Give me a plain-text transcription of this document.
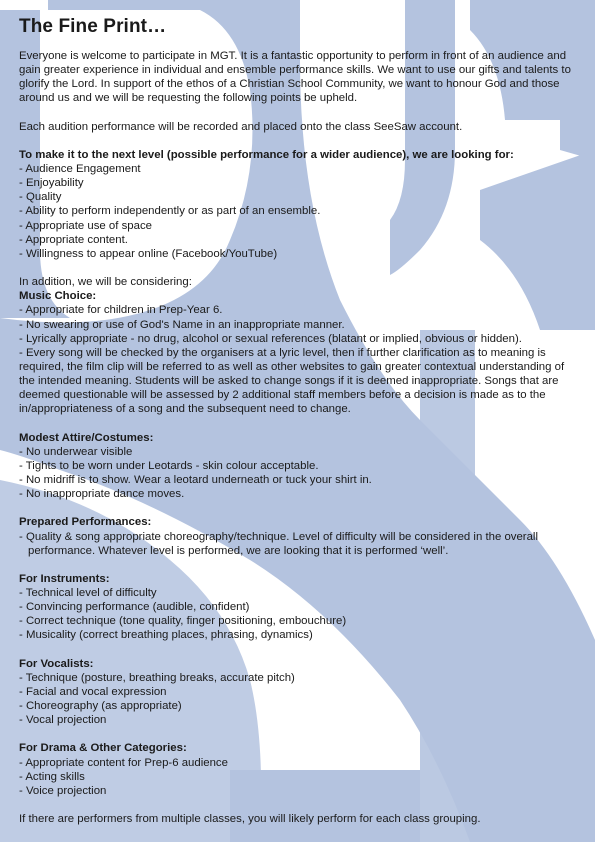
The Fine Print…

Everyone is welcome to participate in MGT. It is a fantastic opportunity to perform in front of an audience and gain greater experience in individual and ensemble performance skills. We want to use our gifts and talents to glorify the Lord. In support of the ethos of a Christian School Community, we want to honour God and those around us and we will be requesting the following points be upheld.

Each audition performance will be recorded and placed onto the class SeeSaw account.

To make it to the next level (possible performance for a wider audience), we are looking for:

- Audience Engagement
- Enjoyability
- Quality
- Ability to perform independently or as part of an ensemble.
- Appropriate use of space
- Appropriate content.
- Willingness to appear online (Facebook/YouTube)

In addition, we will be considering:

Music Choice:

- Appropriate for children in Prep-Year 6.
- No swearing or use of God's Name in an inappropriate manner.
- Lyrically appropriate - no drug, alcohol or sexual references (blatant or implied, obvious or hidden).
- Every song will be checked by the organisers at a lyric level, then if further clarification as to meaning is required, the film clip will be referred to as well as other websites to gain greater contextual understanding of the intended meaning. Students will be asked to change songs if it is deemed inappropriate. Songs that are deemed questionable will be assessed by 2 additional staff members before a decision is made as to the in/appropriateness of a song and the subsequent need to change.

Modest Attire/Costumes:

- No underwear visible
- Tights to be worn under Leotards - skin colour acceptable.
- No midriff is to show. Wear a leotard underneath or tuck your shirt in.
- No inappropriate dance moves.

Prepared Performances:

- Quality & song appropriate choreography/technique. Level of difficulty will be considered in the overall performance. Whatever level is performed, we are looking that it is performed ‘well’.

For Instruments:

- Technical level of difficulty
- Convincing performance (audible, confident)
- Correct technique (tone quality, finger positioning, embouchure)
- Musicality (correct breathing places, phrasing, dynamics)

For Vocalists:

- Technique (posture, breathing breaks, accurate pitch)
- Facial and vocal expression
- Choreography (as appropriate)
- Vocal projection

For Drama & Other Categories:

- Appropriate content for Prep-6 audience
- Acting skills
- Voice projection

If there are performers from multiple classes, you will likely perform for each class grouping.
